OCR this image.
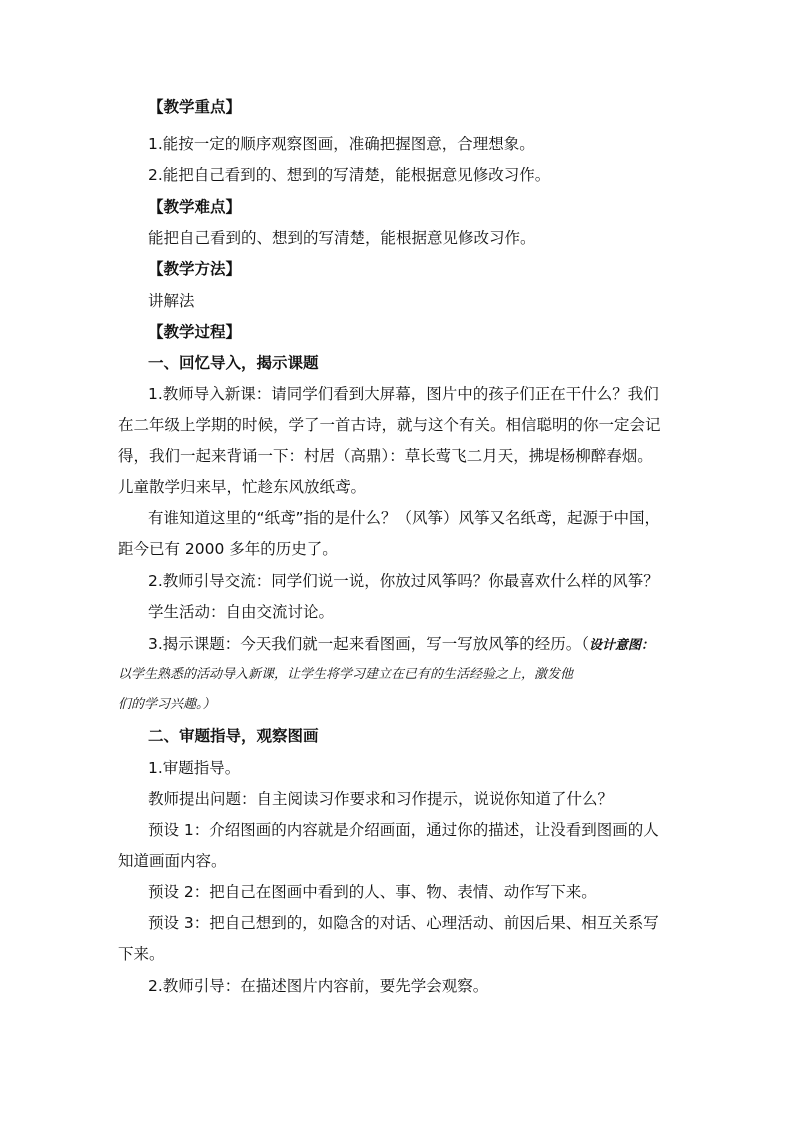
【教学重点】
1.能按一定的顺序观察图画，准确把握图意，合理想象。
2.能把自己看到的、想到的写清楚，能根据意见修改习作。
【教学难点】
能把自己看到的、想到的写清楚，能根据意见修改习作。
【教学方法】
讲解法
【教学过程】
一、回忆导入，揭示课题
1.教师导入新课：请同学们看到大屏幕，图片中的孩子们正在干什么？我们
在二年级上学期的时候，学了一首古诗，就与这个有关。相信聪明的你一定会记
得，我们一起来背诵一下：村居（高鼎）：草长莺飞二月天，拂堤杨柳醉春烟。
儿童散学归来早，忙趁东风放纸鸢。
有谁知道这里的“纸鸢”指的是什么？（风筝）风筝又名纸鸢，起源于中国，
距今已有 2000 多年的历史了。
2.教师引导交流：同学们说一说，你放过风筝吗？你最喜欢什么样的风筝？
学生活动：自由交流讨论。
3.揭示课题：今天我们就一起来看图画，写一写放风筝的经历。（设计意图：
以学生熟悉的活动导入新课，让学生将学习建立在已有的生活经验之上，激发他
们的学习兴趣。）
二、审题指导，观察图画
1.审题指导。
教师提出问题：自主阅读习作要求和习作提示，说说你知道了什么？
预设 1：介绍图画的内容就是介绍画面，通过你的描述，让没看到图画的人
知道画面内容。
预设 2：把自己在图画中看到的人、事、物、表情、动作写下来。
预设 3：把自己想到的，如隐含的对话、心理活动、前因后果、相互关系写
下来。
2.教师引导：在描述图片内容前，要先学会观察。
